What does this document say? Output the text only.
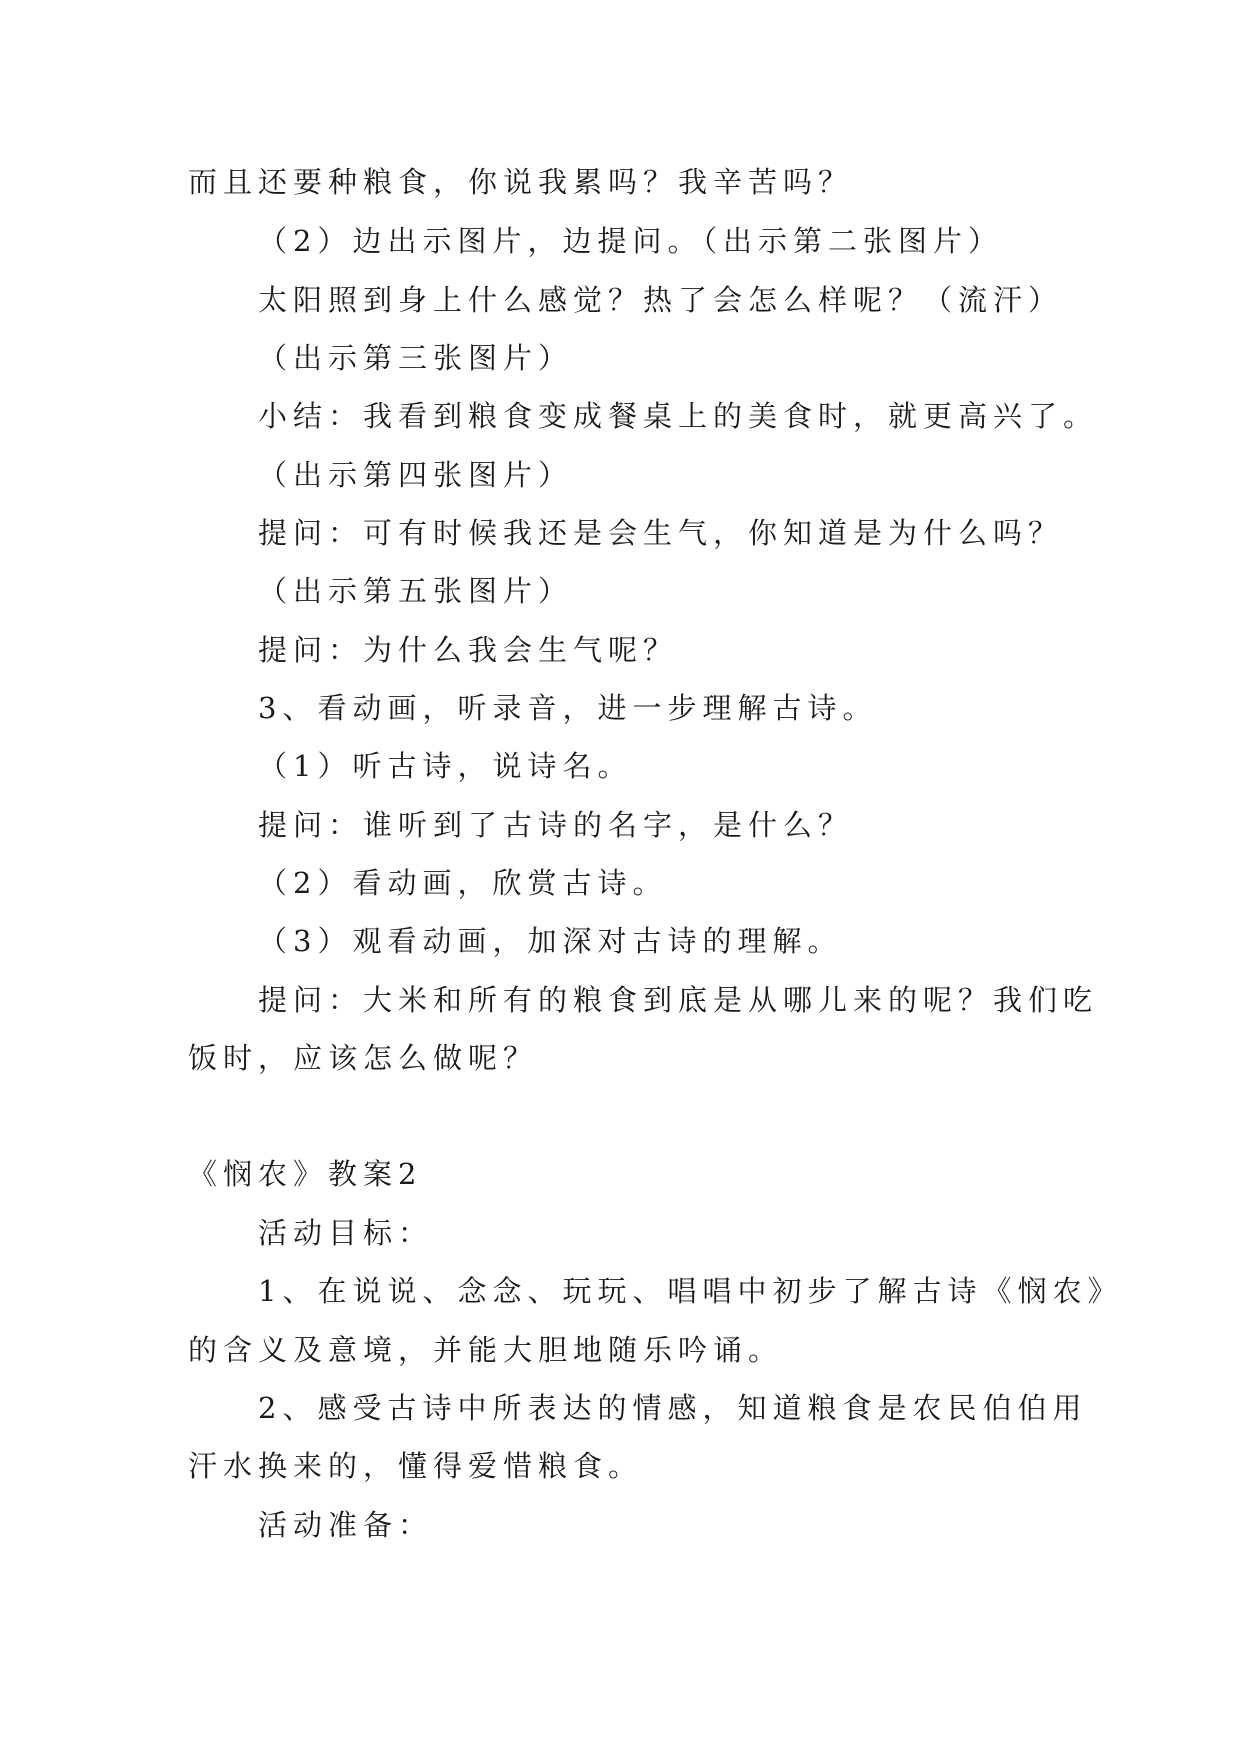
而且还要种粮食，你说我累吗？我辛苦吗？
（2）边出示图片，边提问。（出示第二张图片）
太阳照到身上什么感觉？热了会怎么样呢？（流汗）
（出示第三张图片）
小结：我看到粮食变成餐桌上的美食时，就更高兴了。
（出示第四张图片）
提问：可有时候我还是会生气，你知道是为什么吗？
（出示第五张图片）
提问：为什么我会生气呢？
3、看动画，听录音，进一步理解古诗。
（1）听古诗，说诗名。
提问：谁听到了古诗的名字，是什么？
（2）看动画，欣赏古诗。
（3）观看动画，加深对古诗的理解。
提问：大米和所有的粮食到底是从哪儿来的呢？我们吃
饭时，应该怎么做呢？
《悯农》教案2
活动目标：
1、在说说、念念、玩玩、唱唱中初步了解古诗《悯农》
的含义及意境，并能大胆地随乐吟诵。
2、感受古诗中所表达的情感，知道粮食是农民伯伯用
汗水换来的，懂得爱惜粮食。
活动准备：
